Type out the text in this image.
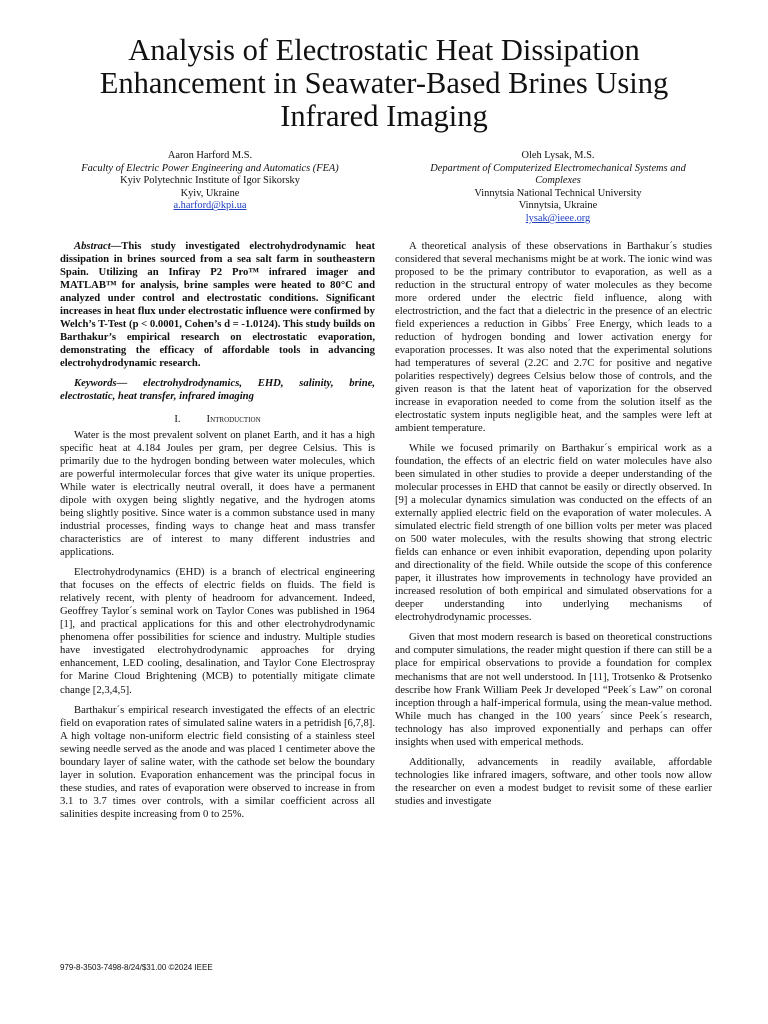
Analysis of Electrostatic Heat Dissipation Enhancement in Seawater-Based Brines Using Infrared Imaging
Aaron Harford M.S.
Faculty of Electric Power Engineering and Automatics (FEA)
Kyiv Polytechnic Institute of Igor Sikorsky
Kyiv, Ukraine
a.harford@kpi.ua
Oleh Lysak, M.S.
Department of Computerized Electromechanical Systems and Complexes
Vinnytsia National Technical University
Vinnytsia, Ukraine
lysak@ieee.org

Abstract—This study investigated electrohydrodynamic heat dissipation in brines sourced from a sea salt farm in southeastern Spain. Utilizing an Infiray P2 Pro™ infrared imager and MATLAB™ for analysis, brine samples were heated to 80°C and analyzed under control and electrostatic conditions. Significant increases in heat flux under electrostatic influence were confirmed by Welch’s T-Test (p < 0.0001, Cohen’s d = -1.0124). This study builds on Barthakur’s empirical research on electrostatic evaporation, demonstrating the efficacy of affordable tools in advancing electrohydrodynamic research.

Keywords— electrohydrodynamics, EHD, salinity, brine, electrostatic, heat transfer, infrared imaging

I. Introduction

Water is the most prevalent solvent on planet Earth, and it has a high specific heat at 4.184 Joules per gram, per degree Celsius. This is primarily due to the hydrogen bonding between water molecules, which are powerful intermolecular forces that give water its unique properties. While water is electrically neutral overall, it does have a permanent dipole with oxygen being slightly negative, and the hydrogen atoms being slightly positive. Since water is a common substance used in many industrial processes, finding ways to change heat and mass transfer characteristics are of interest to many different industries and applications.

Electrohydrodynamics (EHD) is a branch of electrical engineering that focuses on the effects of electric fields on fluids. The field is relatively recent, with plenty of headroom for advancement. Indeed, Geoffrey Taylor´s seminal work on Taylor Cones was published in 1964 [1], and practical applications for this and other electrohydrodynamic phenomena offer possibilities for science and industry. Multiple studies have investigated electrohydrodynamic approaches for drying enhancement, LED cooling, desalination, and Taylor Cone Electrospray for Marine Cloud Brightening (MCB) to potentially mitigate climate change [2,3,4,5].

Barthakur´s empirical research investigated the effects of an electric field on evaporation rates of simulated saline waters in a petridish [6,7,8]. A high voltage non-uniform electric field consisting of a stainless steel sewing needle served as the anode and was placed 1 centimeter above the boundary layer of saline water, with the cathode set below the boundary layer in solution. Evaporation enhancement was the principal focus in these studies, and rates of evaporation were observed to increase in from 3.1 to 3.7 times over controls, with a similar coefficient across all salinities despite increasing from 0 to 25%.

A theoretical analysis of these observations in Barthakur´s studies considered that several mechanisms might be at work. The ionic wind was proposed to be the primary contributor to evaporation, as well as a reduction in the structural entropy of water molecules as they become more ordered under the electric field influence, along with electrostriction, and the fact that a dielectric in the presence of an electric field experiences a reduction in Gibbs´ Free Energy, which leads to a reduction of hydrogen bonding and lower activation energy for evaporation processes. It was also noted that the experimental solutions had temperatures of several (2.2C and 2.7C for positive and negative polarities respectively) degrees Celsius below those of controls, and the given reason is that the latent heat of vaporization for the observed increase in evaporation needed to come from the solution itself as the electrostatic system inputs negligible heat, and the samples were left at ambient temperature.

While we focused primarily on Barthakur´s empirical work as a foundation, the effects of an electric field on water molecules have also been simulated in other studies to provide a deeper understanding of the molecular processes in EHD that cannot be easily or directly observed. In [9] a molecular dynamics simulation was conducted on the effects of an externally applied electric field on the evaporation of water molecules. A simulated electric field strength of one billion volts per meter was placed on 500 water molecules, with the results showing that strong electric fields can enhance or even inhibit evaporation, depending upon polarity and directionality of the field. While outside the scope of this conference paper, it illustrates how improvements in technology have provided an increased resolution of both empirical and simulated observations for a deeper understanding into underlying mechanisms of electrohydrodynamic processes.

Given that most modern research is based on theoretical constructions and computer simulations, the reader might question if there can still be a place for empirical observations to provide a foundation for complex mechanisms that are not well understood. In [11], Trotsenko & Protsenko describe how Frank William Peek Jr developed “Peek´s Law” on coronal inception through a half-imperical formula, using the mean-value method. While much has changed in the 100 years´ since Peek´s research, technology has also improved exponentially and perhaps can offer insights when used with emperical methods.

Additionally, advancements in readily available, affordable technologies like infrared imagers, software, and other tools now allow the researcher on even a modest budget to revisit some of these earlier studies and investigate

979-8-3503-7498-8/24/$31.00 ©2024 IEEE
